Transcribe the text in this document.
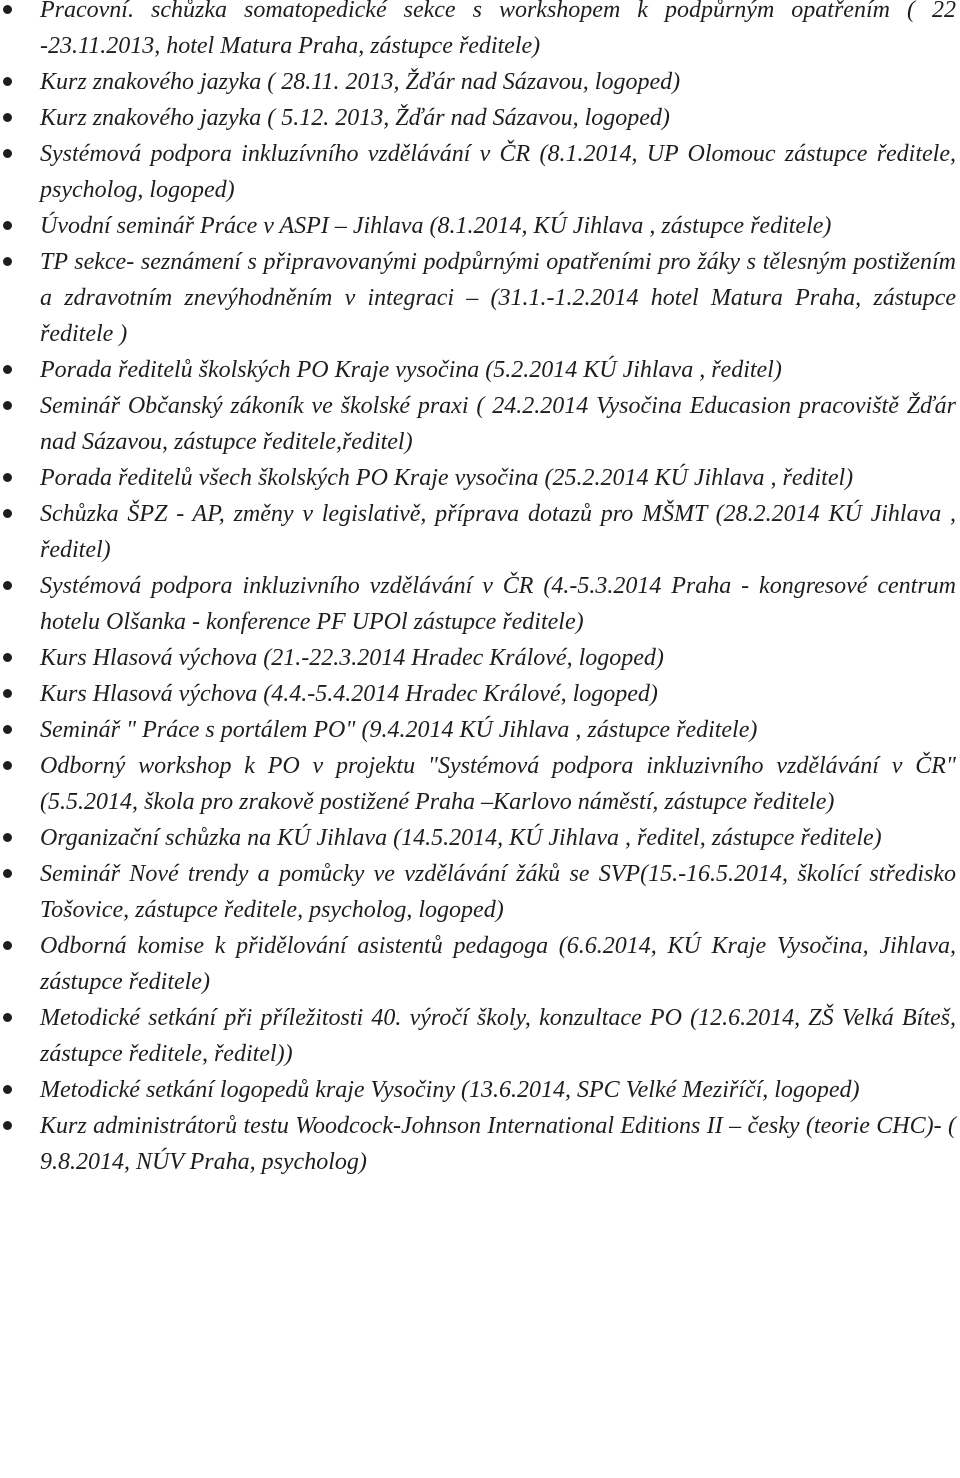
Pracovní. schůzka somatopedické sekce s workshopem k podpůrným opatřením ( 22 -23.11.2013, hotel Matura Praha, zástupce ředitele)
Kurz znakového jazyka ( 28.11. 2013, Žďár nad Sázavou, logoped)
Kurz znakového jazyka ( 5.12. 2013, Žďár nad Sázavou, logoped)
Systémová podpora inkluzívního vzdělávání v ČR (8.1.2014, UP Olomouc zástupce ředitele, psycholog, logoped)
Úvodní seminář Práce v ASPI – Jihlava (8.1.2014, KÚ Jihlava , zástupce ředitele)
TP sekce- seznámení s připravovanými podpůrnými opatřeními pro žáky s tělesným postižením a zdravotním znevýhodněním v integraci – (31.1.-1.2.2014 hotel Matura Praha, zástupce ředitele )
Porada ředitelů školských PO Kraje vysočina (5.2.2014 KÚ Jihlava , ředitel)
Seminář Občanský zákoník ve školské praxi ( 24.2.2014 Vysočina Educasion pracoviště Žďár nad Sázavou, zástupce ředitele,ředitel)
Porada ředitelů všech školských PO Kraje vysočina (25.2.2014 KÚ Jihlava , ředitel)
Schůzka ŠPZ - AP, změny v legislativě, příprava dotazů pro MŠMT (28.2.2014 KÚ Jihlava , ředitel)
Systémová podpora inkluzivního vzdělávání v ČR (4.-5.3.2014 Praha - kongresové centrum hotelu Olšanka - konference PF UPOl zástupce ředitele)
Kurs Hlasová výchova (21.-22.3.2014 Hradec Králové, logoped)
Kurs Hlasová výchova (4.4.-5.4.2014 Hradec Králové, logoped)
Seminář " Práce s portálem PO" (9.4.2014 KÚ Jihlava , zástupce ředitele)
Odborný workshop k PO v projektu "Systémová podpora inkluzivního vzdělávání v ČR" (5.5.2014, škola pro zrakově postižené Praha –Karlovo náměstí, zástupce ředitele)
Organizační schůzka na KÚ Jihlava (14.5.2014, KÚ Jihlava , ředitel, zástupce ředitele)
Seminář Nové trendy a pomůcky ve vzdělávání žáků se SVP(15.-16.5.2014, školící středisko Tošovice, zástupce ředitele, psycholog, logoped)
Odborná komise k přidělování asistentů pedagoga (6.6.2014, KÚ Kraje Vysočina, Jihlava, zástupce ředitele)
Metodické setkání při příležitosti 40. výročí školy, konzultace PO (12.6.2014, ZŠ Velká Bíteš, zástupce ředitele, ředitel))
Metodické setkání logopedů kraje Vysočiny (13.6.2014, SPC Velké Meziříčí, logoped)
Kurz administrátorů testu Woodcock-Johnson International Editions II – česky (teorie CHC)- ( 9.8.2014, NÚV Praha, psycholog)
